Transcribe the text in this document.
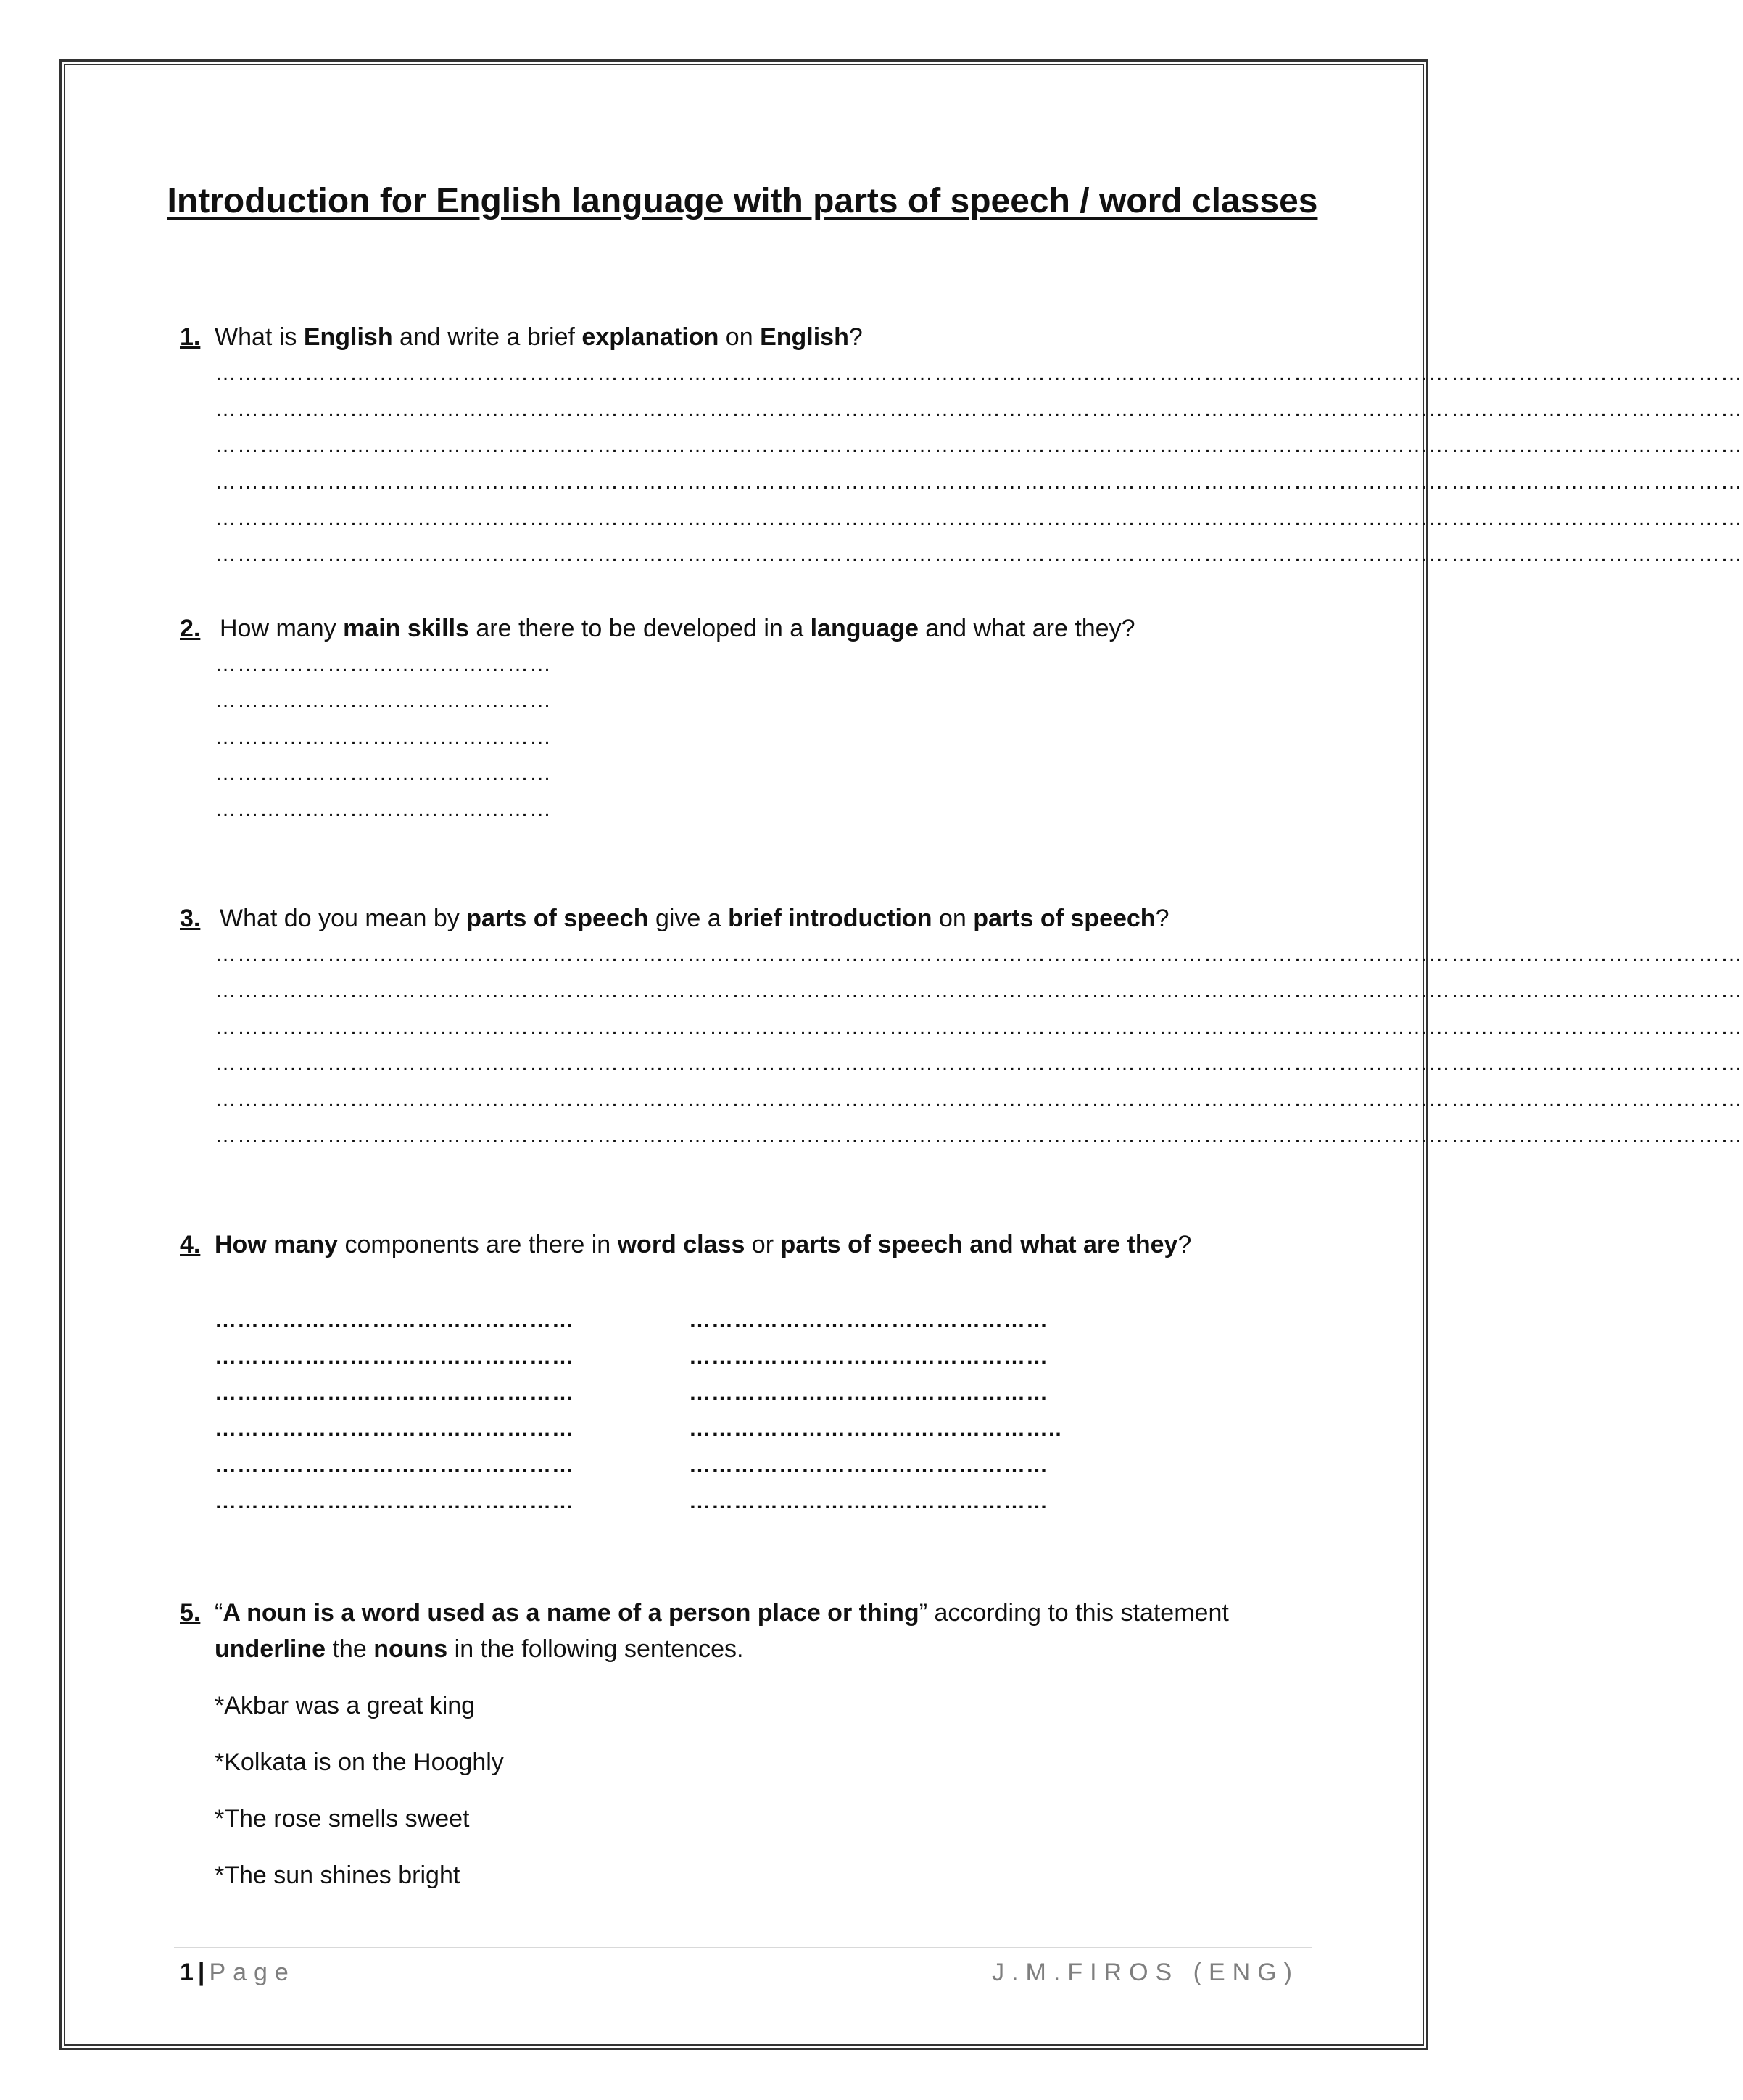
Introduction for English language with parts of speech / word classes
1. What is English and write a brief explanation on English?
……………………………………………………………………………………………………………………………………………………………………………………
……………………………………………………………………………………………………………………………………………………………………………………
……………………………………………………………………………………………………………………………………………………………………………………
……………………………………………………………………………………………………………………………………………………………………………………
……………………………………………………………………………………………………………………………………………………………………………………
……………………………………………………………………………………………………………………………………………………………………………………
2. How many main skills are there to be developed in a language and what are they?
………………………………………
………………………………………
………………………………………
………………………………………
………………………………………
3. What do you mean by parts of speech give a brief introduction on parts of speech?
……………………………………………………………………………………………………………………………………………………………………………………
……………………………………………………………………………………………………………………………………………………………………………………
……………………………………………………………………………………………………………………………………………………………………………………
……………………………………………………………………………………………………………………………………………………………………………………
……………………………………………………………………………………………………………………………………………………………………………………
……………………………………………………………………………………………………………………………………………………………………………………
4. How many components are there in word class or parts of speech and what are they?
…………………………………………
…………………………………………
…………………………………………
…………………………………………
…………………………………………
…………………………………………
…………………………………………
…………………………………………
…………………………………………
…………………………………………..
…………………………………………
…………………………………………
5. “A noun is a word used as a name of a person place or thing” according to this statement
underline the nouns in the following sentences.
*Akbar was a great king
*Kolkata is on the Hooghly
*The rose smells sweet
*The sun shines bright
1 | Page	J.M.FIROS (ENG)
